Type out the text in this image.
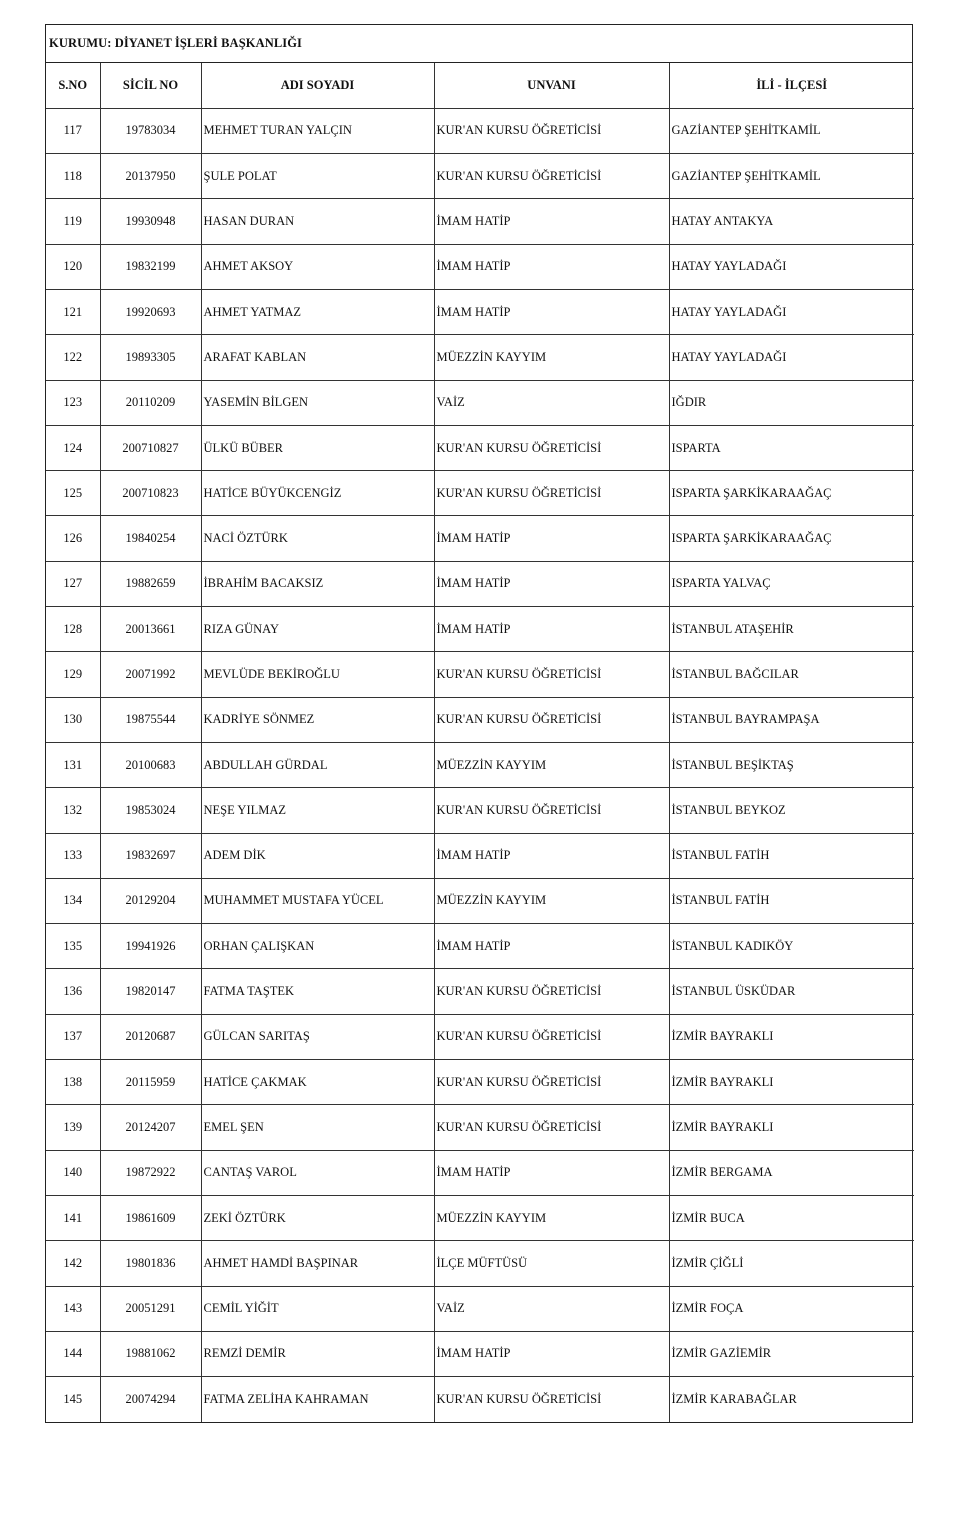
KURUMU: DİYANET İŞLERİ BAŞKANLIĞI
S.NO	SİCİL NO	ADI SOYADI	UNVANI	İLİ - İLÇESİ
117	19783034	MEHMET TURAN YALÇIN	KUR'AN KURSU ÖĞRETİCİSİ	GAZİANTEP ŞEHİTKAMİL
118	20137950	ŞULE POLAT	KUR'AN KURSU ÖĞRETİCİSİ	GAZİANTEP ŞEHİTKAMİL
119	19930948	HASAN DURAN	İMAM HATİP	HATAY ANTAKYA
120	19832199	AHMET AKSOY	İMAM HATİP	HATAY YAYLADAĞI
121	19920693	AHMET YATMAZ	İMAM HATİP	HATAY YAYLADAĞI
122	19893305	ARAFAT KABLAN	MÜEZZİN KAYYIM	HATAY YAYLADAĞI
123	20110209	YASEMİN BİLGEN	VAİZ	IĞDIR
124	200710827	ÜLKÜ BÜBER	KUR'AN KURSU ÖĞRETİCİSİ	ISPARTA
125	200710823	HATİCE BÜYÜKCENGİZ	KUR'AN KURSU ÖĞRETİCİSİ	ISPARTA ŞARKİKARAAĞAÇ
126	19840254	NACİ ÖZTÜRK	İMAM HATİP	ISPARTA ŞARKİKARAAĞAÇ
127	19882659	İBRAHİM BACAKSIZ	İMAM HATİP	ISPARTA YALVAÇ
128	20013661	RIZA GÜNAY	İMAM HATİP	İSTANBUL ATAŞEHİR
129	20071992	MEVLÜDE BEKİROĞLU	KUR'AN KURSU ÖĞRETİCİSİ	İSTANBUL BAĞCILAR
130	19875544	KADRİYE SÖNMEZ	KUR'AN KURSU ÖĞRETİCİSİ	İSTANBUL BAYRAMPAŞA
131	20100683	ABDULLAH GÜRDAL	MÜEZZİN KAYYIM	İSTANBUL BEŞİKTAŞ
132	19853024	NEŞE YILMAZ	KUR'AN KURSU ÖĞRETİCİSİ	İSTANBUL BEYKOZ
133	19832697	ADEM DİK	İMAM HATİP	İSTANBUL FATİH
134	20129204	MUHAMMET MUSTAFA YÜCEL	MÜEZZİN KAYYIM	İSTANBUL FATİH
135	19941926	ORHAN ÇALIŞKAN	İMAM HATİP	İSTANBUL KADIKÖY
136	19820147	FATMA TAŞTEK	KUR'AN KURSU ÖĞRETİCİSİ	İSTANBUL ÜSKÜDAR
137	20120687	GÜLCAN SARITAŞ	KUR'AN KURSU ÖĞRETİCİSİ	İZMİR BAYRAKLI
138	20115959	HATİCE ÇAKMAK	KUR'AN KURSU ÖĞRETİCİSİ	İZMİR BAYRAKLI
139	20124207	EMEL ŞEN	KUR'AN KURSU ÖĞRETİCİSİ	İZMİR BAYRAKLI
140	19872922	CANTAŞ VAROL	İMAM HATİP	İZMİR BERGAMA
141	19861609	ZEKİ ÖZTÜRK	MÜEZZİN KAYYIM	İZMİR BUCA
142	19801836	AHMET HAMDİ BAŞPINAR	İLÇE MÜFTÜSÜ	İZMİR ÇİĞLİ
143	20051291	CEMİL YİĞİT	VAİZ	İZMİR FOÇA
144	19881062	REMZİ DEMİR	İMAM HATİP	İZMİR GAZİEMİR
145	20074294	FATMA ZELİHA KAHRAMAN	KUR'AN KURSU ÖĞRETİCİSİ	İZMİR KARABAĞLAR
